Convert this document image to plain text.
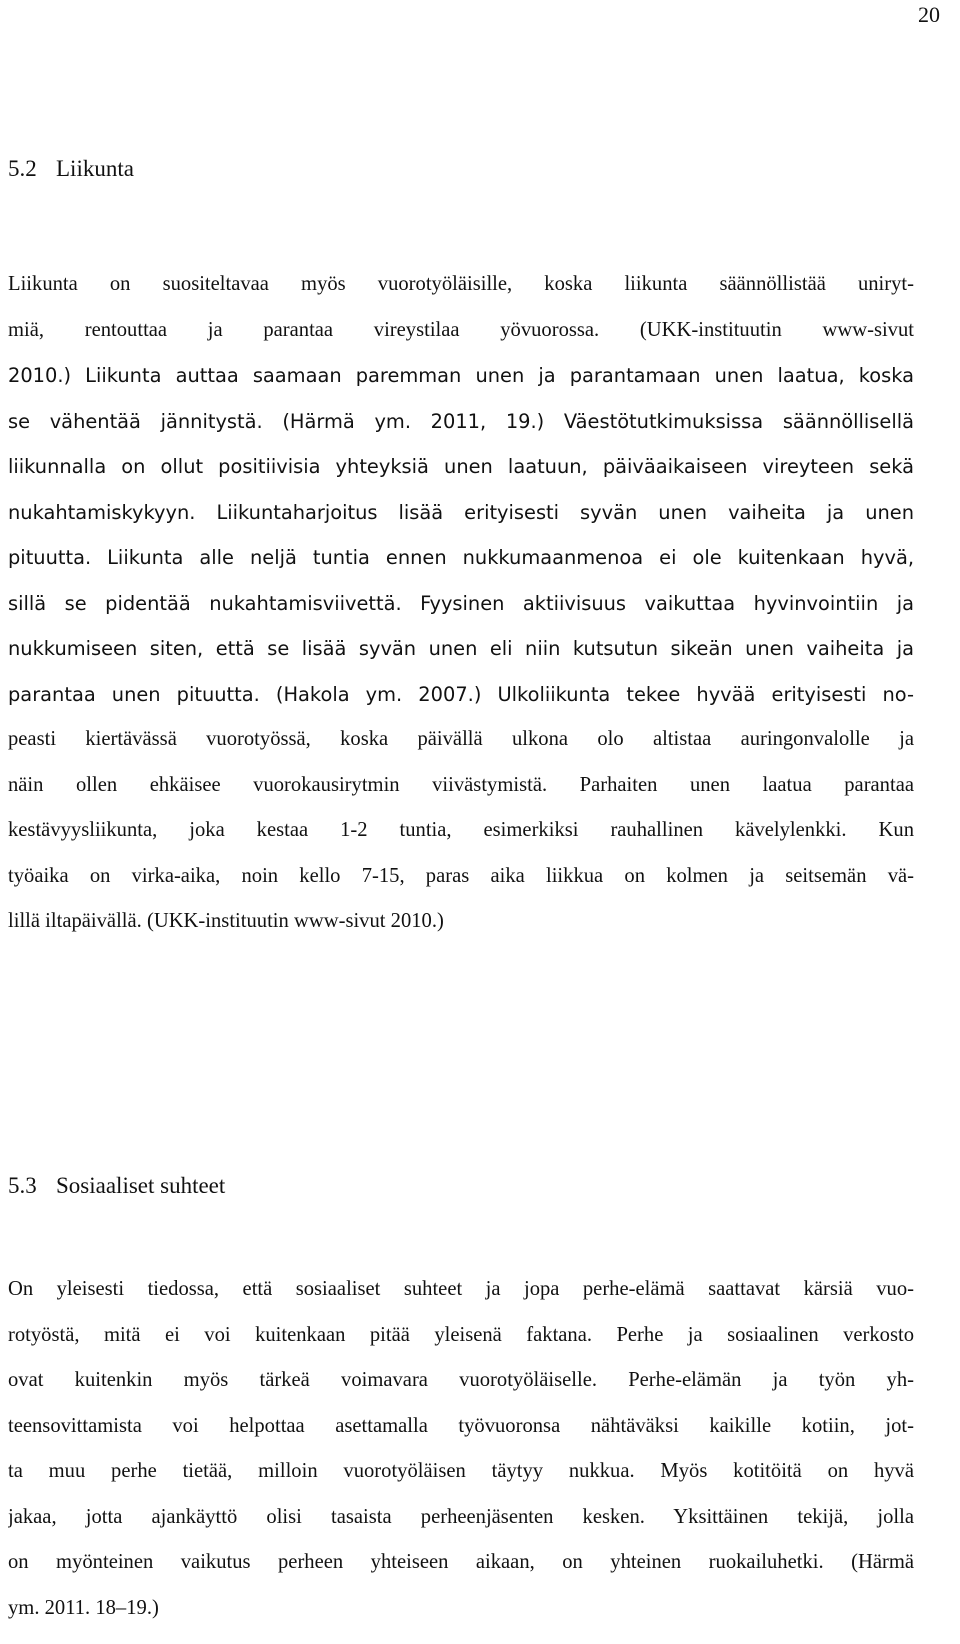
20
5.2 Liikunta
Liikunta on suositeltavaa myös vuorotyöläisille, koska liikunta säännöllistää uniryt-
miä, rentouttaa ja parantaa vireystilaa yövuorossa. (UKK-instituutin www-sivut
2010.) Liikunta auttaa saamaan paremman unen ja parantamaan unen laatua, koska
se vähentää jännitystä. (Härmä ym. 2011, 19.) Väestötutkimuksissa säännöllisellä
liikunnalla on ollut positiivisia yhteyksiä unen laatuun, päiväaikaiseen vireyteen sekä
nukahtamiskykyyn. Liikuntaharjoitus lisää erityisesti syvän unen vaiheita ja unen
pituutta. Liikunta alle neljä tuntia ennen nukkumaanmenoa ei ole kuitenkaan hyvä,
sillä se pidentää nukahtamisviivettä. Fyysinen aktiivisuus vaikuttaa hyvinvointiin ja
nukkumiseen siten, että se lisää syvän unen eli niin kutsutun sikeän unen vaiheita ja
parantaa unen pituutta. (Hakola ym. 2007.) Ulkoliikunta tekee hyvää erityisesti no-
peasti kiertävässä vuorotyössä, koska päivällä ulkona olo altistaa auringonvalolle ja
näin ollen ehkäisee vuorokausirytmin viivästymistä. Parhaiten unen laatua parantaa
kestävyysliikunta, joka kestaa 1-2 tuntia, esimerkiksi rauhallinen kävelylenkki. Kun
työaika on virka-aika, noin kello 7-15, paras aika liikkua on kolmen ja seitsemän vä-
lillä iltapäivällä. (UKK-instituutin www-sivut 2010.)
5.3 Sosiaaliset suhteet
On yleisesti tiedossa, että sosiaaliset suhteet ja jopa perhe-elämä saattavat kärsiä vuo-
rotyöstä, mitä ei voi kuitenkaan pitää yleisenä faktana. Perhe ja sosiaalinen verkosto
ovat kuitenkin myös tärkeä voimavara vuorotyöläiselle. Perhe-elämän ja työn yh-
teensovittamista voi helpottaa asettamalla työvuoronsa nähtäväksi kaikille kotiin, jot-
ta muu perhe tietää, milloin vuorotyöläisen täytyy nukkua. Myös kotitöitä on hyvä
jakaa, jotta ajankäyttö olisi tasaista perheenjäsenten kesken. Yksittäinen tekijä, jolla
on myönteinen vaikutus perheen yhteiseen aikaan, on yhteinen ruokailuhetki. (Härmä
ym. 2011. 18–19.)
